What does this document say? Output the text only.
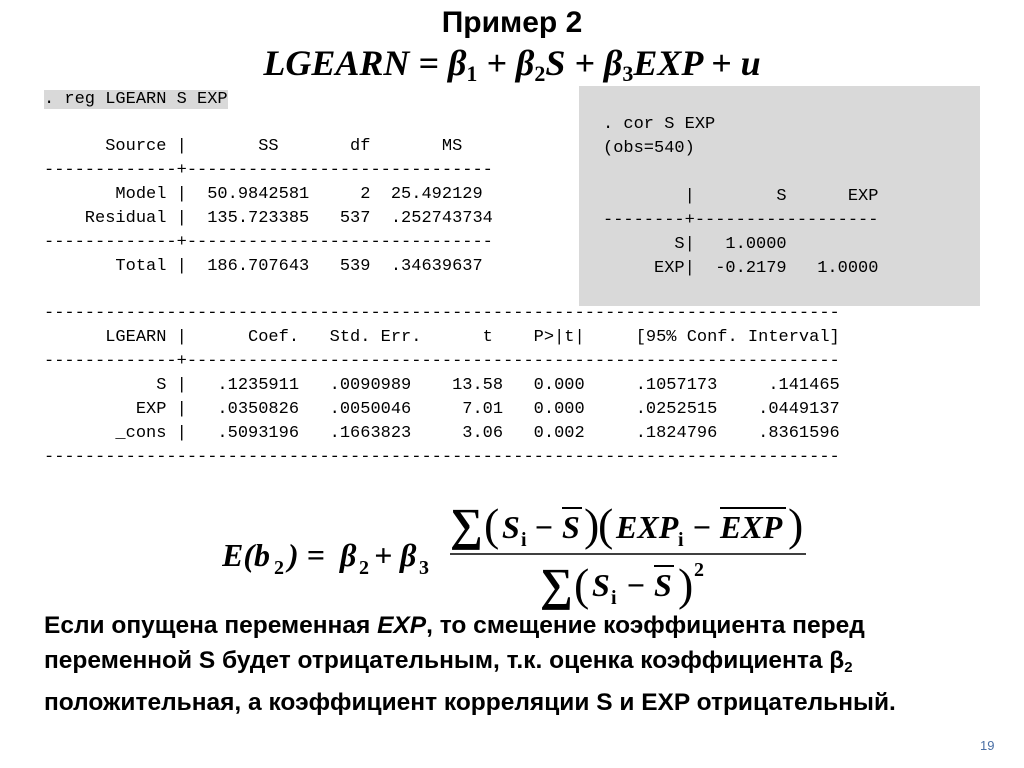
Пример 2
LGEARN = $\beta_1 + \beta_2S + \beta_3EXP + u$
. cor S EXP
(obs=540)
|        S      EXP
--------+------------------
S|   1.0000
EXP|  -0.2179   1.0000
. reg LGEARN S EXP
Source |       SS       df       MS
-------------+------------------------------
Model |  50.9842581     2  25.492129
Residual |  135.723385   537  .252743734
-------------+------------------------------
Total |  186.707643   539  .34639637
------------------------------------------------------------------------------
LGEARN |      Coef.   Std. Err.      t    P>|t|     [95% Conf. Interval]
-------------+----------------------------------------------------------------
S |   .1235911   .0090989    13.58   0.000     .1057173     .141465
EXP |   .0350826   .0050046     7.01   0.000     .0252515    .0449137
_cons |   .5093196   .1663823     3.06   0.002     .1824796    .8361596
------------------------------------------------------------------------------
E(b 2 ) = β 2 + β 3
∑ ( S i − S )
( EXP i − EXP )
∑ ( S i − S ) 2
Если опущена переменная EXP, то смещение коэффициента перед переменной S будет отрицательным, т.к. оценка коэффициента $\beta_2$ положительная, а коэффициент корреляции S и EXP отрицательный.
19
